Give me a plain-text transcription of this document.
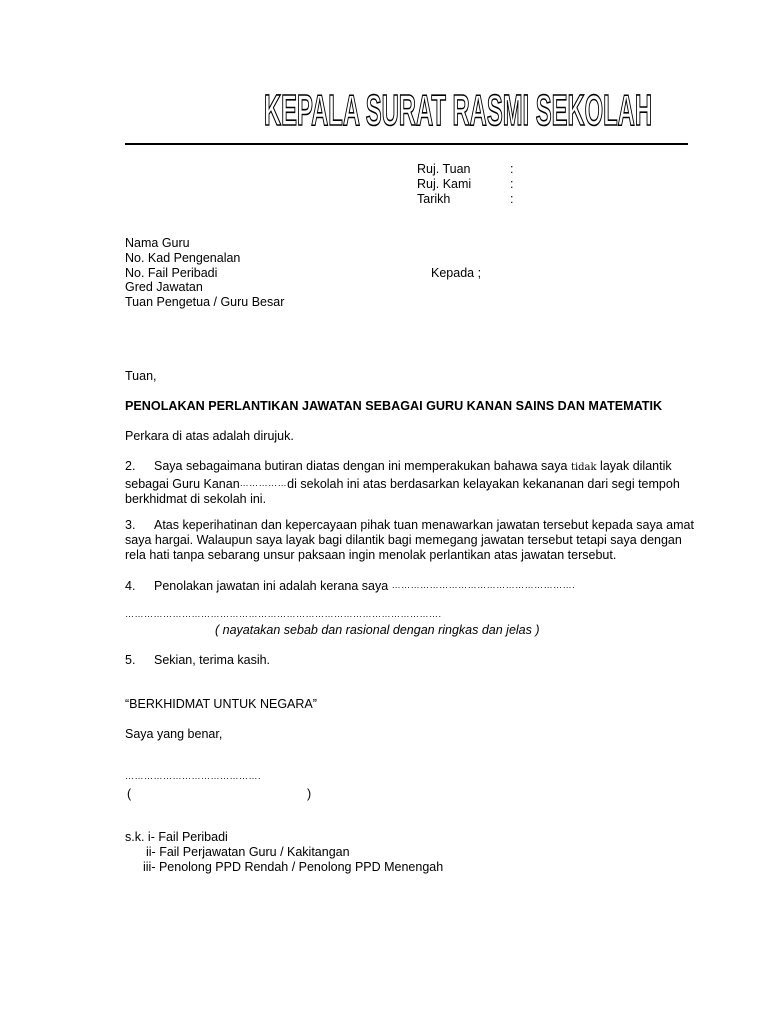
KEPALA SURAT RASMI SEKOLAH
Ruj. Tuan	:
Ruj. Kami	:
Tarikh	:
Nama Guru
No. Kad Pengenalan
No. Fail Peribadi
Gred Jawatan
Tuan Pengetua / Guru Besar
Kepada ;
Tuan,
PENOLAKAN PERLANTIKAN JAWATAN SEBAGAI GURU KANAN SAINS DAN MATEMATIK
Perkara di atas adalah dirujuk.
2. Saya sebagaimana butiran diatas dengan ini memperakukan bahawa saya tidak layak dilantik sebagai Guru Kanan……………di sekolah ini atas berdasarkan kelayakan kekananan dari segi tempoh berkhidmat di sekolah ini.
3. Atas keperihatinan dan kepercayaan pihak tuan menawarkan jawatan tersebut kepada saya amat saya hargai. Walaupun saya layak bagi dilantik bagi memegang jawatan tersebut tetapi saya dengan rela hati tanpa sebarang unsur paksaan ingin menolak perlantikan atas jawatan tersebut.
4. Penolakan jawatan ini adalah kerana saya ………………………………………………….
……………………………………………………………………………………….
( nayatakan sebab dan rasional dengan ringkas dan jelas )
5. Sekian, terima kasih.
“BERKHIDMAT UNTUK NEGARA”
Saya yang benar,
…………………………………….
(	)
s.k. i- Fail Peribadi
ii- Fail Perjawatan Guru / Kakitangan
iii- Penolong PPD Rendah / Penolong PPD Menengah
